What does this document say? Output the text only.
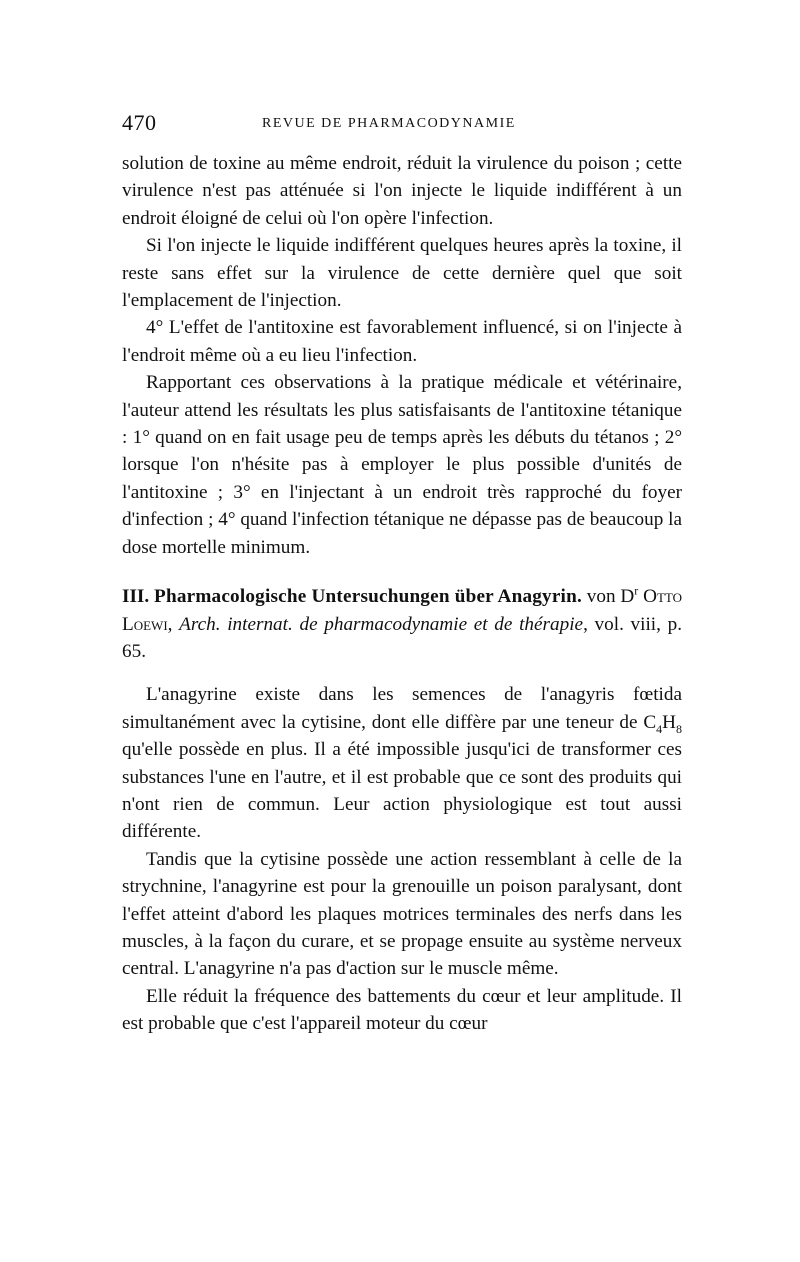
470	REVUE DE PHARMACODYNAMIE

solution de toxine au même endroit, réduit la virulence du poison ; cette virulence n'est pas atténuée si l'on injecte le liquide indifférent à un endroit éloigné de celui où l'on opère l'infection.

Si l'on injecte le liquide indifférent quelques heures après la toxine, il reste sans effet sur la virulence de cette dernière quel que soit l'emplacement de l'injection.

4° L'effet de l'antitoxine est favorablement influencé, si on l'injecte à l'endroit même où a eu lieu l'infection.

Rapportant ces observations à la pratique médicale et vétérinaire, l'auteur attend les résultats les plus satisfaisants de l'antitoxine tétanique : 1° quand on en fait usage peu de temps après les débuts du tétanos ; 2° lorsque l'on n'hésite pas à employer le plus possible d'unités de l'antitoxine ; 3° en l'injectant à un endroit très rapproché du foyer d'infection ; 4° quand l'infection tétanique ne dépasse pas de beaucoup la dose mortelle minimum.

III. Pharmacologische Untersuchungen über Anagyrin. von $D^r$ Otto Loewi, Arch. internat. de pharmacodynamie et de thérapie, vol. viii, p. 65.

L'anagyrine existe dans les semences de l'anagyris fœtida simultanément avec la cytisine, dont elle diffère par une teneur de $C_4H_8$ qu'elle possède en plus. Il a été impossible jusqu'ici de transformer ces substances l'une en l'autre, et il est probable que ce sont des produits qui n'ont rien de commun. Leur action physiologique est tout aussi différente.

Tandis que la cytisine possède une action ressemblant à celle de la strychnine, l'anagyrine est pour la grenouille un poison paralysant, dont l'effet atteint d'abord les plaques motrices terminales des nerfs dans les muscles, à la façon du curare, et se propage ensuite au système nerveux central. L'anagyrine n'a pas d'action sur le muscle même.

Elle réduit la fréquence des battements du cœur et leur amplitude. Il est probable que c'est l'appareil moteur du cœur
